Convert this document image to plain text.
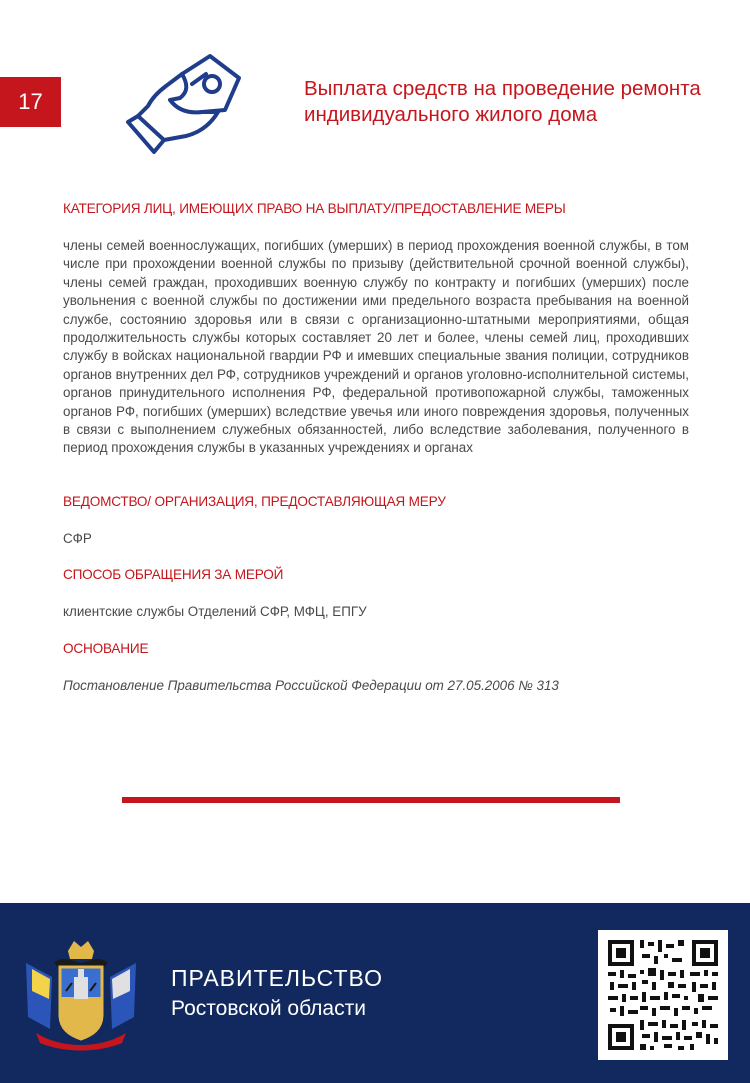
17
Выплата средств на проведение ремонта индивидуального жилого дома
КАТЕГОРИЯ ЛИЦ, ИМЕЮЩИХ ПРАВО НА ВЫПЛАТУ/ПРЕДОСТАВЛЕНИЕ МЕРЫ
члены семей военнослужащих, погибших (умерших) в период прохождения военной службы, в том числе при прохождении военной службы по призыву (действительной срочной военной службы), члены семей граждан, проходивших военную службу по контракту и погибших (умерших) после увольнения с военной службы по достижении ими предельного возраста пребывания на военной службе, состоянию здоровья или в связи с организационно-штатными мероприятиями, общая продолжительность службы которых составляет 20 лет и более, члены семей лиц, проходивших службу в войсках национальной гвардии РФ и имевших специальные звания полиции, сотрудников органов внутренних дел РФ, сотрудников учреждений и органов уголовно-исполнительной системы, органов принудительного исполнения РФ, федеральной противопожарной службы, таможенных органов РФ, погибших (умерших) вследствие увечья или иного повреждения здоровья, полученных в связи с выполнением служебных обязанностей, либо вследствие заболевания, полученного в период прохождения службы в указанных учреждениях и органах
ВЕДОМСТВО/ ОРГАНИЗАЦИЯ, ПРЕДОСТАВЛЯЮЩАЯ МЕРУ
СФР
СПОСОБ ОБРАЩЕНИЯ ЗА МЕРОЙ
клиентские службы Отделений СФР, МФЦ, ЕПГУ
ОСНОВАНИЕ
Постановление Правительства Российской Федерации от 27.05.2006 № 313
ПРАВИТЕЛЬСТВО
Ростовской области
